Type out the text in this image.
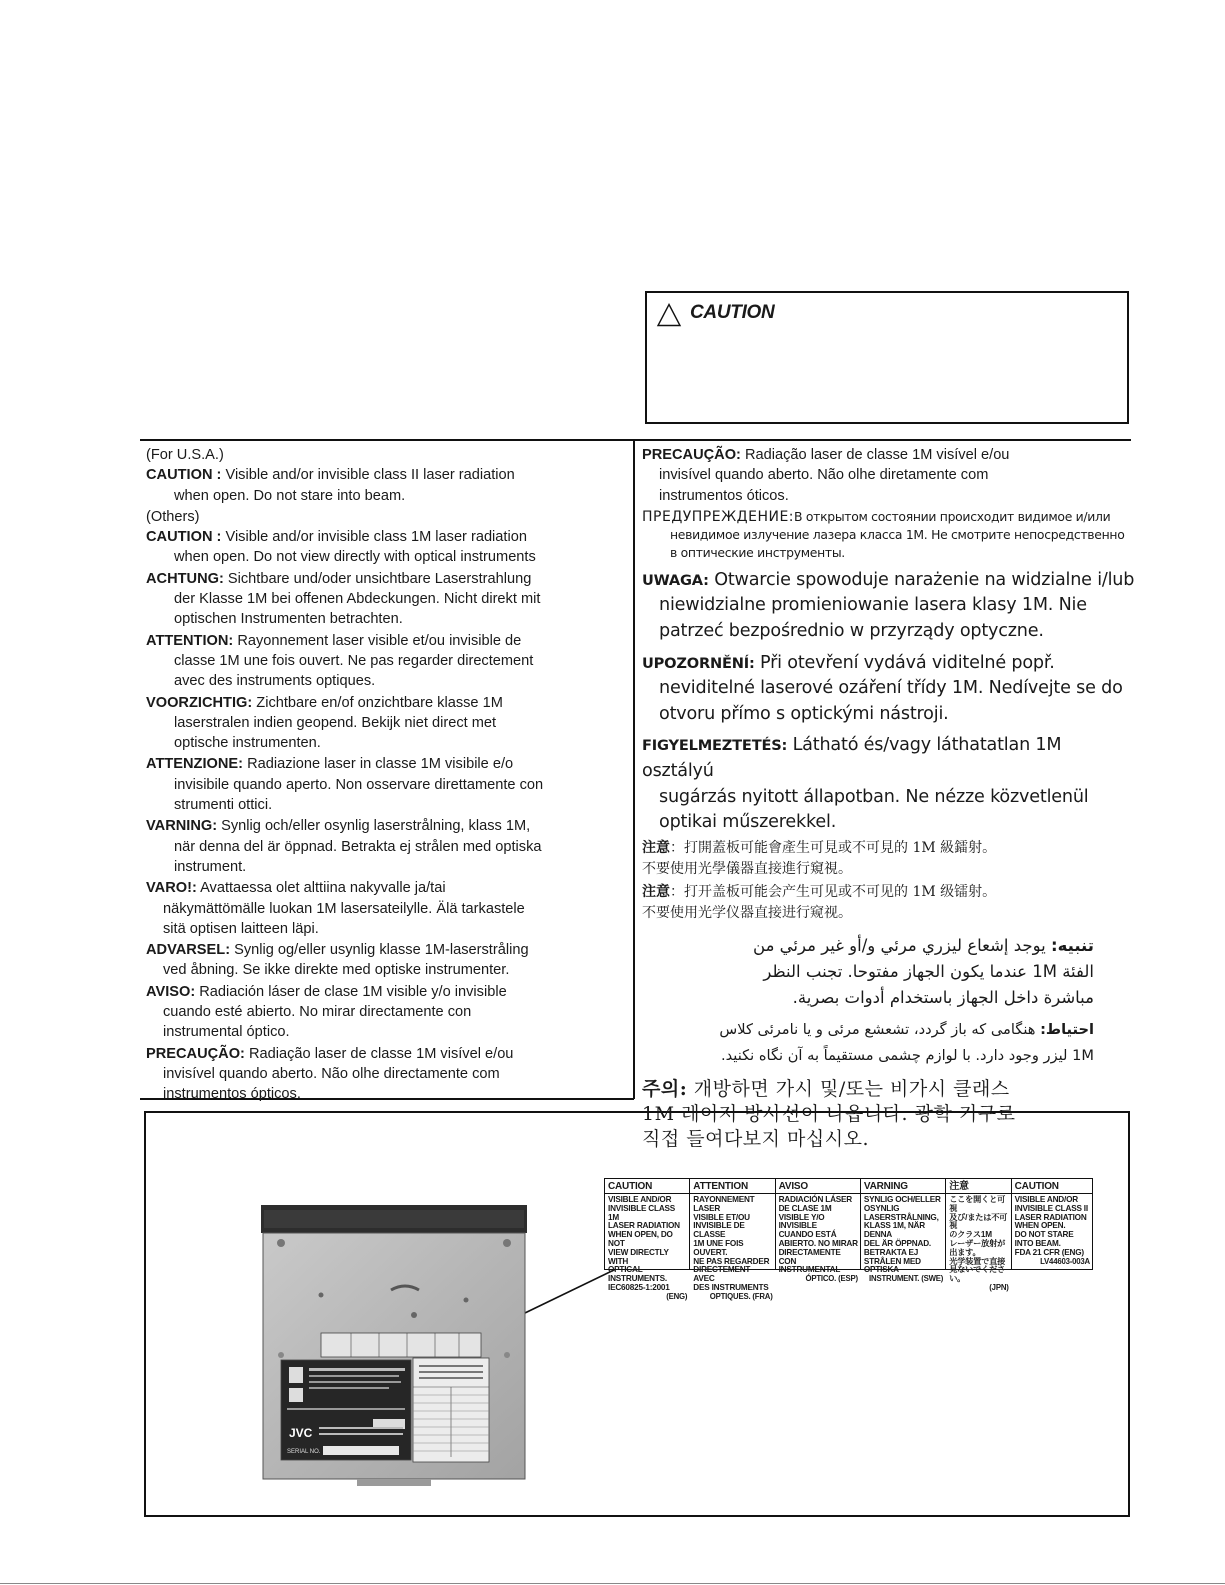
CAUTION

(For U.S.A.)

CAUTION : Visible and/or invisible class II laser radiation

when open. Do not stare into beam.

(Others)

CAUTION : Visible and/or invisible class 1M laser radiation

when open. Do not view directly with optical instruments

ACHTUNG: Sichtbare und/oder unsichtbare Laserstrahlung

der Klasse 1M bei offenen Abdeckungen. Nicht direkt mit

optischen Instrumenten betrachten.

ATTENTION: Rayonnement laser visible et/ou invisible de

classe 1M une fois ouvert. Ne pas regarder directement

avec des instruments optiques.

VOORZICHTIG: Zichtbare en/of onzichtbare klasse 1M

laserstralen indien geopend. Bekijk niet direct met

optische instrumenten.

ATTENZIONE: Radiazione laser in classe 1M visibile e/o

invisibile quando aperto. Non osservare direttamente con

strumenti ottici.

VARNING: Synlig och/eller osynlig laserstrålning, klass 1M,

när denna del är öppnad. Betrakta ej strålen med optiska

instrument.

VARO!: Avattaessa olet alttiina nakyvalle ja/tai

näkymättömälle luokan 1M lasersateilylle. Älä tarkastele

sitä optisen laitteen läpi.

ADVARSEL: Synlig og/eller usynlig klasse 1M-laserstråling

ved åbning. Se ikke direkte med optiske instrumenter.

AVISO: Radiación láser de clase 1M visible y/o invisible

cuando esté abierto. No mirar directamente con

instrumental óptico.

PRECAUÇÃO: Radiação laser de classe 1M visível e/ou

invisível quando aberto. Não olhe directamente com

instrumentos ópticos.

PRECAUÇÃO: Radiação laser de classe 1M visível e/ou

invisível quando aberto. Não olhe diretamente com

instrumentos óticos.

ПРЕДУПРЕЖДЕНИЕ:В открытом состоянии происходит видимое и/или

невидимое излучение лазера класса 1M. Не смотрите непосредственно

в оптические инструменты.

UWAGA: Otwarcie spowoduje narażenie na widzialne i/lub

niewidzialne promieniowanie lasera klasy 1M. Nie

patrzeć bezpośrednio w przyrządy optyczne.

UPOZORNĚNÍ: Při otevření vydává viditelné popř.

neviditelné laserové ozáření třídy 1M. Nedívejte se do

otvoru přímo s optickými nástroji.

FIGYELMEZTETÉS: Látható és/vagy láthatatlan 1M osztályú

sugárzás nyitott állapotban. Ne nézze közvetlenül

optikai műszerekkel.

注意：打開蓋板可能會產生可見或不可見的 1M 級鐳射。

不要使用光學儀器直接進行窺視。

注意：打开盖板可能会产生可见或不可见的 1M 级镭射。

不要使用光学仪器直接进行窥视。

تنبيه: يوجد إشعاع ليزري مرئي و/أو غير مرئي من

الفئة 1M عندما يكون الجهاز مفتوحا. تجنب النظر

مباشرة داخل الجهاز باستخدام أدوات بصرية.

احتیاط: هنگامی که باز گردد، تشعشع مرئی و یا نامرئی کلاس

1M لیزر وجود دارد. با لوازم چشمی مستقیماً به آن نگاه نکنید.

주의: 개방하면 가시 및/또는 비가시 클래스

1M 레이저 방사선이 나옵니다. 광학 기구로

직접 들여다보지 마십시오.

JVC
SERIAL NO.
CAUTION
VISIBLE AND/OR
INVISIBLE CLASS 1M
LASER RADIATION
WHEN OPEN, DO NOT
VIEW DIRECTLY WITH
OPTICAL INSTRUMENTS.
IEC60825-1:2001
(ENG)
ATTENTION
RAYONNEMENT LASER
VISIBLE ET/OU
INVISIBLE DE CLASSE
1M UNE FOIS OUVERT.
NE PAS REGARDER
DIRECTEMENT AVEC
DES INSTRUMENTS
OPTIQUES. (FRA)
AVISO
RADIACIÓN LÁSER
DE CLASE 1M
VISIBLE Y/O INVISIBLE
CUANDO ESTÁ
ABIERTO. NO MIRAR
DIRECTAMENTE
CON INSTRUMENTAL
ÓPTICO. (ESP)
VARNING
SYNLIG OCH/ELLER
OSYNLIG
LASERSTRÅLNING,
KLASS 1M, NÄR DENNA
DEL ÄR ÖPPNAD.
BETRAKTA EJ
STRÅLEN MED OPTISKA
INSTRUMENT. (SWE)
注意
ここを開くと可視
及び/または不可視
のクラス1M
レーザー放射が
出ます。
光学装置で直接
見ないでください。
(JPN)
CAUTION
VISIBLE AND/OR
INVISIBLE CLASS II
LASER RADIATION
WHEN OPEN.
DO NOT STARE
INTO BEAM.
FDA 21 CFR (ENG)
LV44603-003A
